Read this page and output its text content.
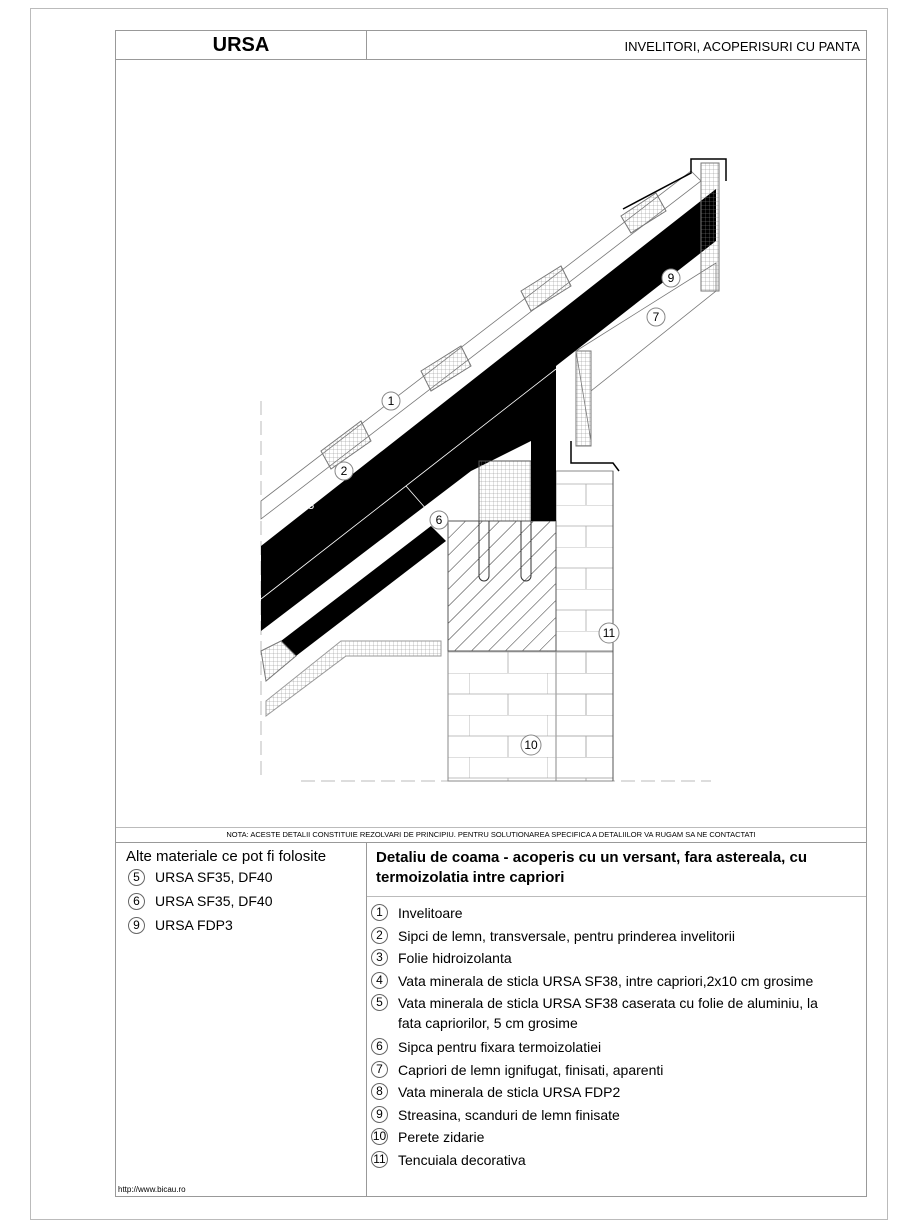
URSA	INVELITORI, ACOPERISURI CU PANTA
1
2
3
6
7
9
10
11
NOTA: ACESTE DETALII CONSTITUIE REZOLVARI DE PRINCIPIU. PENTRU SOLUTIONAREA SPECIFICA A DETALIILOR VA RUGAM SA NE CONTACTATI
Alte materiale ce pot fi folosite
5	URSA SF35, DF40
6	URSA SF35, DF40
9	URSA FDP3
http://www.bicau.ro
Detaliu de coama - acoperis cu un versant, fara astereala, cu termoizolatia intre capriori
1	Invelitoare
2	Sipci de lemn, transversale, pentru prinderea invelitorii
3	Folie hidroizolanta
4	Vata minerala de sticla URSA SF38, intre capriori,2x10 cm grosime
5	Vata minerala de sticla URSA SF38 caserata cu folie de aluminiu, la fata capriorilor, 5 cm grosime
6	Sipca pentru fixara termoizolatiei
7	Capriori de lemn ignifugat, finisati, aparenti
8	Vata minerala de sticla URSA FDP2
9	Streasina, scanduri de lemn finisate
10 Perete zidarie
11 Tencuiala decorativa
